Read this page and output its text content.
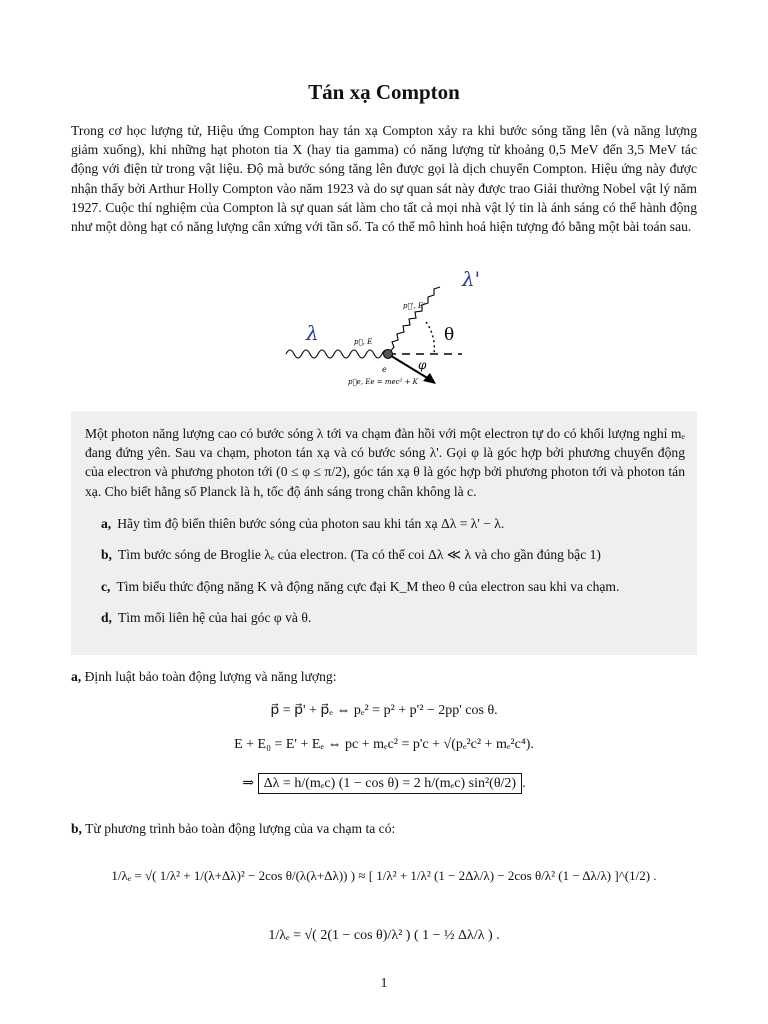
Tán xạ Compton
Trong cơ học lượng tử, Hiệu ứng Compton hay tán xạ Compton xảy ra khi bước sóng tăng lên (và năng lượng giảm xuống), khi những hạt photon tia X (hay tia gamma) có năng lượng từ khoảng 0,5 MeV đến 3,5 MeV tác động với điện tử trong vật liệu. Độ mà bước sóng tăng lên được gọi là dịch chuyển Compton. Hiệu ứng này được nhận thấy bởi Arthur Holly Compton vào năm 1923 và do sự quan sát này được trao Giải thưởng Nobel vật lý năm 1927. Cuộc thí nghiệm của Compton là sự quan sát làm cho tất cả mọi nhà vật lý tin là ánh sáng có thể hành động như một dòng hạt có năng lượng cân xứng với tần số. Ta có thể mô hình hoá hiện tượng đó bằng một bài toán sau.
λ
λ'
θ
φ
e
p⃗, E
p⃗', E'
p⃗e, Ee = mec² + K
Một photon năng lượng cao có bước sóng λ tới va chạm đàn hồi với một electron tự do có khối lượng nghỉ mₑ đang đứng yên. Sau va chạm, photon tán xạ và có bước sóng λ'. Gọi φ là góc hợp bởi phương chuyển động của electron và phương photon tới (0 ≤ φ ≤ π/2), góc tán xạ θ là góc hợp bởi phương photon tới và photon tán xạ. Cho biết hằng số Planck là h, tốc độ ánh sáng trong chân không là c.
a, Hãy tìm độ biến thiên bước sóng của photon sau khi tán xạ Δλ = λ' − λ.
b, Tìm bước sóng de Broglie λₑ của electron. (Ta có thể coi Δλ ≪ λ và cho gần đúng bậc 1)
c, Tìm biểu thức động năng K và động năng cực đại K_M theo θ của electron sau khi va chạm.
d, Tìm mối liên hệ của hai góc φ và θ.
a, Định luật bảo toàn động lượng và năng lượng:
p⃗ = p⃗' + p⃗ₑ ⇔ pₑ² = p² + p'² − 2pp' cos θ.
E + E₀ = E' + Eₑ ⇔ pc + mₑc² = p'c + √(pₑ²c² + mₑ²c⁴).
⇒ Δλ = h/(mₑc) (1 − cos θ) = 2 h/(mₑc) sin²(θ/2) .
b, Từ phương trình bảo toàn động lượng của va chạm ta có:
1/λₑ = √( 1/λ² + 1/(λ+Δλ)² − 2cos θ/(λ(λ+Δλ)) ) ≈ [ 1/λ² + 1/λ² (1 − 2Δλ/λ) − 2cos θ/λ² (1 − Δλ/λ) ]^(1/2) .
1/λₑ = √( 2(1 − cos θ)/λ² ) ( 1 − ½ Δλ/λ ) .
1
